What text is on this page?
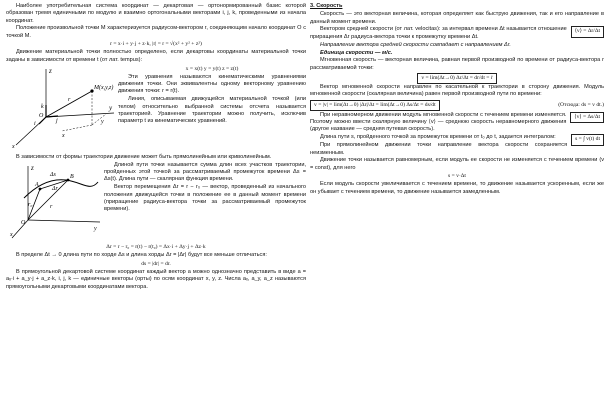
Наиболее употребительная система координат — декартовая — ортонормированный базис которой образован тремя единичными по модулю и взаимно ортогональными векторами i, j, k, проведенными из начала координат.

Положение произвольной точки M характеризуется радиусом-вектором r, соединяющим начало координат O с точкой M.

r = x·i + y·j + z·k, |r| = r = √(x² + y² + z²)

Движение материальной точки полностью определено, если декартовы координаты материальной точки заданы в зависимости от времени t (от лат. tempus):

z
M(x,y,z)
k
r
j
y
O
i
x
x
y
x = x(t) y = y(t) z = z(t)

Эти уравнения называются кинематическими уравнениями движения точки. Они эквивалентны одному векторному уравнению движения точки: r = r(t).

Линия, описываемая движущейся материальной точкой (или телом) относительно выбранной системы отсчета называется траекторией. Уравнение траектории можно получить, исключив параметр t из кинематических уравнений.

В зависимости от формы траектории движение может быть прямолинейным или криволинейным.

z
A
Δs
Δr
B
r₀	r
O
x
y

Длиной пути точки называется сумма длин всех участков траектории, пройденных этой точкой за рассматриваемый промежуток времени Δs = Δs(t). Длина пути — скалярная функция времени.

Вектор перемещения Δr = r − r₀ — вектор, проведенный из начального положения движущейся точки в положение ее в данный момент времени (приращение радиуса-вектора точки за рассматриваемый промежуток времени).

Δr = r − r₀ = r(t) − r(t₀) = Δx·i + Δy·j + Δz·k

В пределе Δt → 0 длина пути по хорде Δs и длина хорды Δr = |Δr| будут все меньше отличаться:

ds = |dr| = dr.

В прямоугольной декартовой системе координат каждый вектор a можно однозначно представить в виде a = aₓ·i + a_y·j + a_z·k, i, j, k — единичные векторы (орты) по осям координат x, y, z. Числа aₓ, a_y, a_z называются прямоугольными декартовыми координатами вектора.

3. Скорость

Скорость — это векторная величина, которая определяет как быструю движения, так и его направление в данный момент времени.

⟨v⟩ = Δr/Δt

Вектором средней скорости (от лат. velocitas): за интервал времени Δt называется отношение приращения Δr радиуса-вектора точки к промежутку времени Δt.

Направление вектора средней скорости совпадает с направлением Δr.

Единица скорости — м/с.

Мгновенная скорость — векторная величина, равная первой производной по времени от радиуса-вектора r рассматриваемой точки:

v = lim(Δt→0) Δr/Δt = dr/dt = ṙ

Вектор мгновенной скорости направлен по касательной к траектории в сторону движения. Модуль мгновенной скорости (скалярная величина) равен первой производной пути по времени:

v = |v| = lim(Δt→0) |Δr|/Δt = lim(Δt→0) Δs/Δt = ds/dt	(Отсюда: ds = v dt.)
⟨v⟩ = Δs/Δt

При неравномерном движении модуль мгновенной скорости с течением времени изменяется. Поэтому можно ввести скалярную величину ⟨v⟩ — среднюю скорость неравномерного движения (другое название — средняя путевая скорость).

s = ∫ v(t) dt

Длина пути s, пройденного точкой за промежуток времени от t₀ до t, задается интегралом:

При прямолинейном движении точки направление вектора скорости сохраняется неизменным.

Движение точки называется равномерным, если модуль ее скорости не изменяется с течением времени (v = const), для него

s = v·Δt

Если модуль скорости увеличивается с течением времени, то движение называется ускоренным, если же он убывает с течением времени, то движение называется замедленным.
